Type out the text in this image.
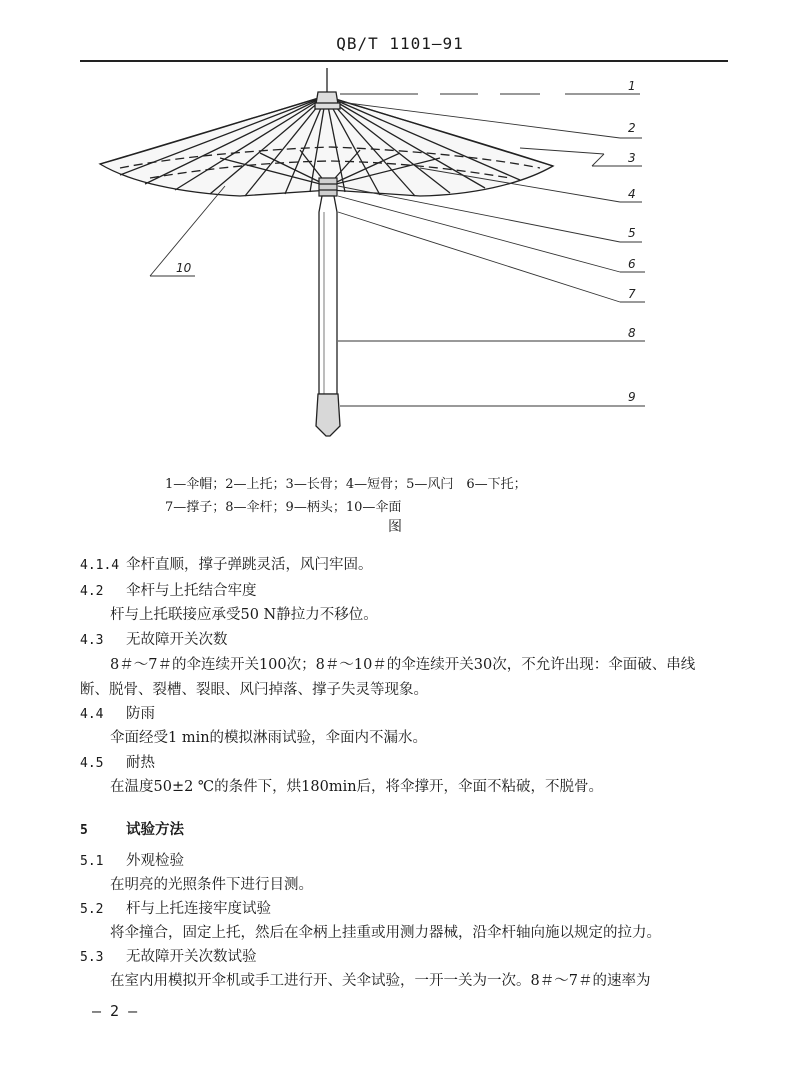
QB/T 1101—91
1
2
3
4
5
6
7
8
9
10
1—伞帽；2—上托；3—长骨；4—短骨；5—风闩　6—下托；
7—撑子；8—伞杆；9—柄头；10—伞面
图
4.1.4 伞杆直顺，撑子弹跳灵活，风闩牢固。
4.2 伞杆与上托结合牢度
杆与上托联接应承受50 N静拉力不移位。
4.3 无故障开关次数
8＃～7＃的伞连续开关100次；8＃～10＃的伞连续开关30次，不允许出现：伞面破、串线
断、脱骨、裂槽、裂眼、风闩掉落、撑子失灵等现象。
4.4 防雨
伞面经受1 min的模拟淋雨试验，伞面内不漏水。
4.5 耐热
在温度50±2 ℃的条件下，烘180min后，将伞撑开，伞面不粘破，不脱骨。
5	试验方法
5.1 外观检验
在明亮的光照条件下进行目测。
5.2 杆与上托连接牢度试验
将伞撞合，固定上托，然后在伞柄上挂重或用测力器械，沿伞杆轴向施以规定的拉力。
5.3 无故障开关次数试验
在室内用模拟开伞机或手工进行开、关伞试验，一开一关为一次。8＃～7＃的速率为
— 2 —
